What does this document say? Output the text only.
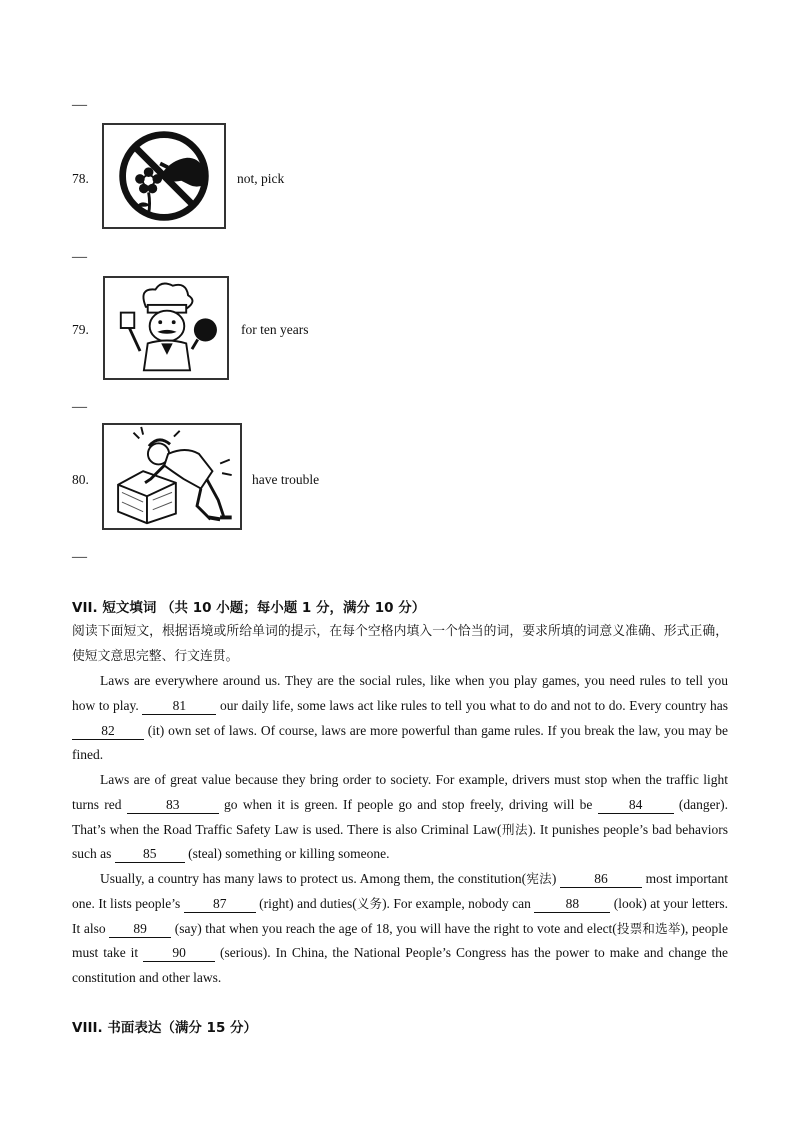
—
—
—
—
78.	not, pick
79.	for ten years
80.	have trouble
VII. 短文填词 （共 10 小题；每小题 1 分，满分 10 分）
阅读下面短文，根据语境或所给单词的提示，在每个空格内填入一个恰当的词，要求所填的词意义准确、形式正确，使短文意思完整、行文连贯。
Laws are everywhere around us. They are the social rules, like when you play games, you need rules to tell you how to play. 81 our daily life, some laws act like rules to tell you what to do and not to do. Every country has 82 (it) own set of laws. Of course, laws are more powerful than game rules. If you break the law, you may be fined.
Laws are of great value because they bring order to society. For example, drivers must stop when the traffic light turns red	83	go when it is green. If people go and stop freely, driving will be 84 (danger). That’s when the Road Traffic Safety Law is used. There is also Criminal Law(刑法). It punishes people’s bad behaviors such as 85 (steal) something or killing someone.
Usually, a country has many laws to protect us. Among them, the constitution(宪法)	86	most important one. It lists people’s 87 (right) and duties(义务). For example, nobody can 88 (look) at your letters. It also 89 (say) that when you reach the age of 18, you will have the right to vote and elect(投票和选举), people must take it 90 (serious). In China, the National People’s Congress has the power to make and change the constitution and other laws.
VIII. 书面表达（满分 15 分）
